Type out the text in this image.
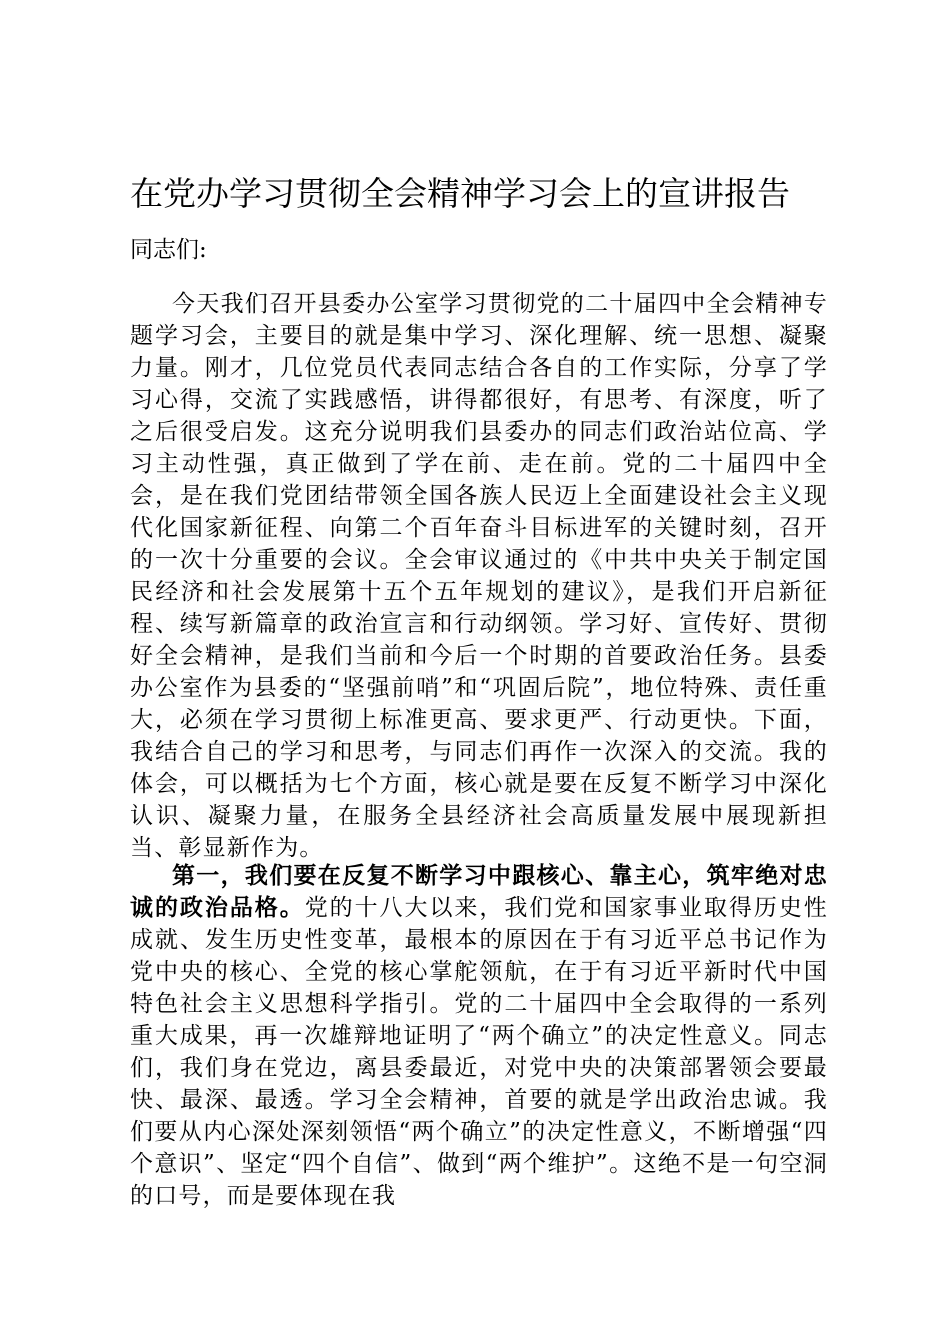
在党办学习贯彻全会精神学习会上的宣讲报告

同志们:

今天我们召开县委办公室学习贯彻党的二十届四中全会精神专题学习会，主要目的就是集中学习、深化理解、统一思想、凝聚力量。刚才，几位党员代表同志结合各自的工作实际，分享了学习心得，交流了实践感悟，讲得都很好，有思考、有深度，听了之后很受启发。这充分说明我们县委办的同志们政治站位高、学习主动性强，真正做到了学在前、走在前。党的二十届四中全会，是在我们党团结带领全国各族人民迈上全面建设社会主义现代化国家新征程、向第二个百年奋斗目标进军的关键时刻，召开的一次十分重要的会议。全会审议通过的《中共中央关于制定国民经济和社会发展第十五个五年规划的建议》，是我们开启新征程、续写新篇章的政治宣言和行动纲领。学习好、宣传好、贯彻好全会精神，是我们当前和今后一个时期的首要政治任务。县委办公室作为县委的“坚强前哨”和“巩固后院”，地位特殊、责任重大，必须在学习贯彻上标准更高、要求更严、行动更快。下面，我结合自己的学习和思考，与同志们再作一次深入的交流。我的体会，可以概括为七个方面，核心就是要在反复不断学习中深化认识、凝聚力量，在服务全县经济社会高质量发展中展现新担当、彰显新作为。

第一，我们要在反复不断学习中跟核心、靠主心，筑牢绝对忠诚的政治品格。党的十八大以来，我们党和国家事业取得历史性成就、发生历史性变革，最根本的原因在于有习近平总书记作为党中央的核心、全党的核心掌舵领航，在于有习近平新时代中国特色社会主义思想科学指引。党的二十届四中全会取得的一系列重大成果，再一次雄辩地证明了“两个确立”的决定性意义。同志们，我们身在党边，离县委最近，对党中央的决策部署领会要最快、最深、最透。学习全会精神，首要的就是学出政治忠诚。我们要从内心深处深刻领悟“两个确立”的决定性意义，不断增强“四个意识”、坚定“四个自信”、做到“两个维护”。这绝不是一句空洞的口号，而是要体现在我
